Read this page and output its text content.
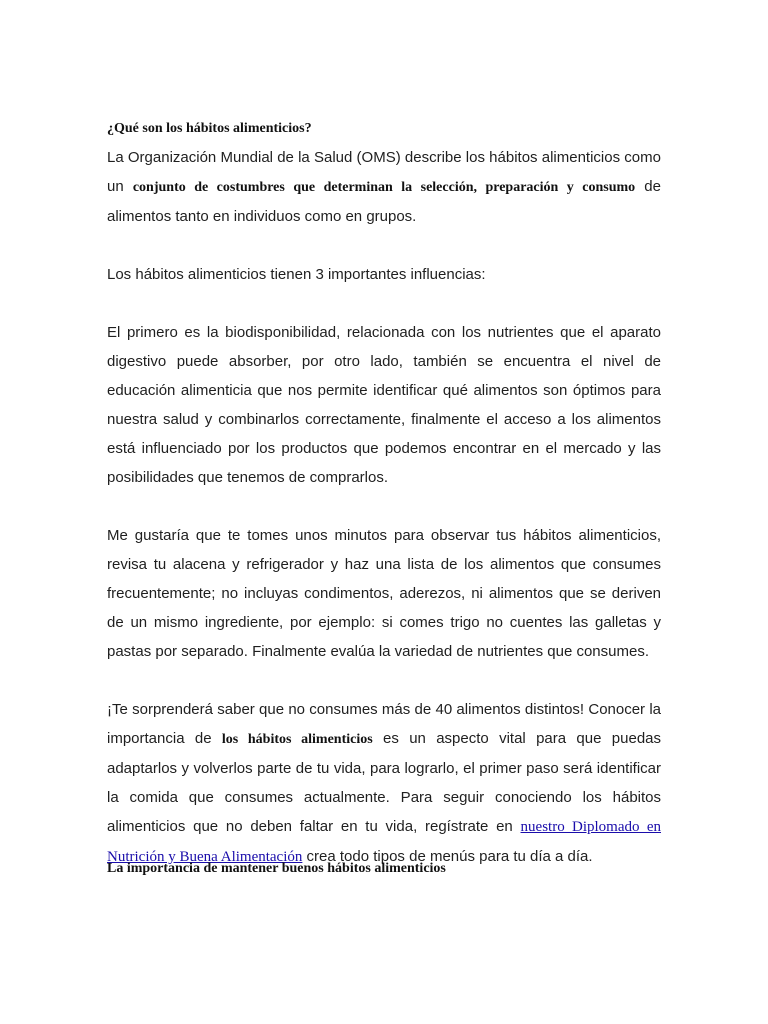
¿Qué son los hábitos alimenticios?

La Organización Mundial de la Salud (OMS) describe los hábitos alimenticios como un conjunto de costumbres que determinan la selección, preparación y consumo de alimentos tanto en individuos como en grupos.

Los hábitos alimenticios tienen 3 importantes influencias:

El primero es la biodisponibilidad, relacionada con los nutrientes que el aparato digestivo puede absorber, por otro lado, también se encuentra el nivel de educación alimenticia que nos permite identificar qué alimentos son óptimos para nuestra salud y combinarlos correctamente, finalmente el acceso a los alimentos está influenciado por los productos que podemos encontrar en el mercado y las posibilidades que tenemos de comprarlos.

Me gustaría que te tomes unos minutos para observar tus hábitos alimenticios, revisa tu alacena y refrigerador y haz una lista de los alimentos que consumes frecuentemente; no incluyas condimentos, aderezos, ni alimentos que se deriven de un mismo ingrediente, por ejemplo: si comes trigo no cuentes las galletas y pastas por separado. Finalmente evalúa la variedad de nutrientes que consumes.

¡Te sorprenderá saber que no consumes más de 40 alimentos distintos! Conocer la importancia de los hábitos alimenticios es un aspecto vital para que puedas adaptarlos y volverlos parte de tu vida, para lograrlo, el primer paso será identificar la comida que consumes actualmente. Para seguir conociendo los hábitos alimenticios que no deben faltar en tu vida, regístrate en nuestro Diplomado en Nutrición y Buena Alimentación crea todo tipos de menús para tu día a día.

La importancia de mantener buenos hábitos alimenticios
